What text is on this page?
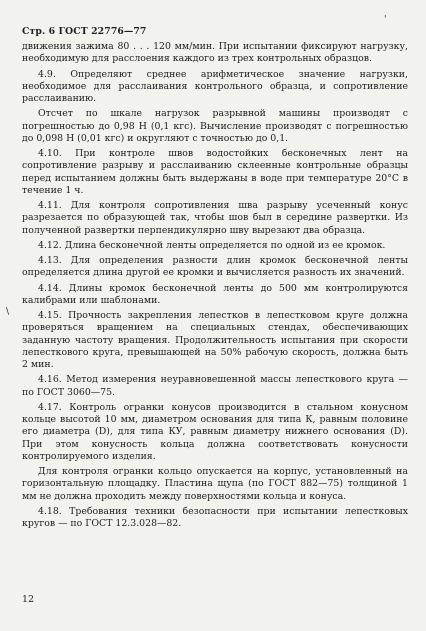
Стр. 6 ГОСТ 22776—77
'
\

движения зажима 80 . . . 120 мм/мин. При испытании фиксируют нагрузку, необходимую для расслоения каждого из трех контрольных образцов.

4.9. Определяют среднее арифметическое значение нагрузки, необходимое для расслаивания контрольного образца, и сопротивление расслаиванию.

Отсчет по шкале нагрузок разрывной машины производят с погрешностью до 0,98 Н (0,1 кгс). Вычисление производят с погрешностью до 0,098 Н (0,01 кгс) и округляют с точностью до 0,1.

4.10. При контроле швов водостойких бесконечных лент на сопротивление разрыву и расслаиванию склеенные контрольные образцы перед испытанием должны быть выдержаны в воде при температуре 20°С в течение 1 ч.

4.11. Для контроля сопротивления шва разрыву усеченный конус разрезается по образующей так, чтобы шов был в середине развертки. Из полученной развертки перпендикулярно шву вырезают два образца.

4.12. Длина бесконечной ленты определяется по одной из ее кромок.

4.13. Для определения разности длин кромок бесконечной ленты определяется длина другой ее кромки и вычисляется разность их значений.

4.14. Длины кромок бесконечной ленты до 500 мм контролируются калибрами или шаблонами.

4.15. Прочность закрепления лепестков в лепестковом круге должна проверяться вращением на специальных стендах, обеспечивающих заданную частоту вращения. Продолжительность испытания при скорости лепесткового круга, превышающей на 50% рабочую скорость, должна быть 2 мин.

4.16. Метод измерения неуравновешенной массы лепесткового круга — по ГОСТ 3060—75.

4.17. Контроль огранки конусов производится в стальном конусном кольце высотой 10 мм, диаметром основания для типа К, равным половине его диаметра (D), для типа КУ, равным диаметру нижнего основания (D). При этом конусность кольца должна соответствовать конусности контролируемого изделия.

Для контроля огранки кольцо опускается на корпус, установленный на горизонтальную площадку. Пластина щупа (по ГОСТ 882—75) толщиной 1 мм не должна проходить между поверхностями кольца и конуса.

4.18. Требования техники безопасности при испытании лепестковых кругов — по ГОСТ 12.3.028—82.

12
